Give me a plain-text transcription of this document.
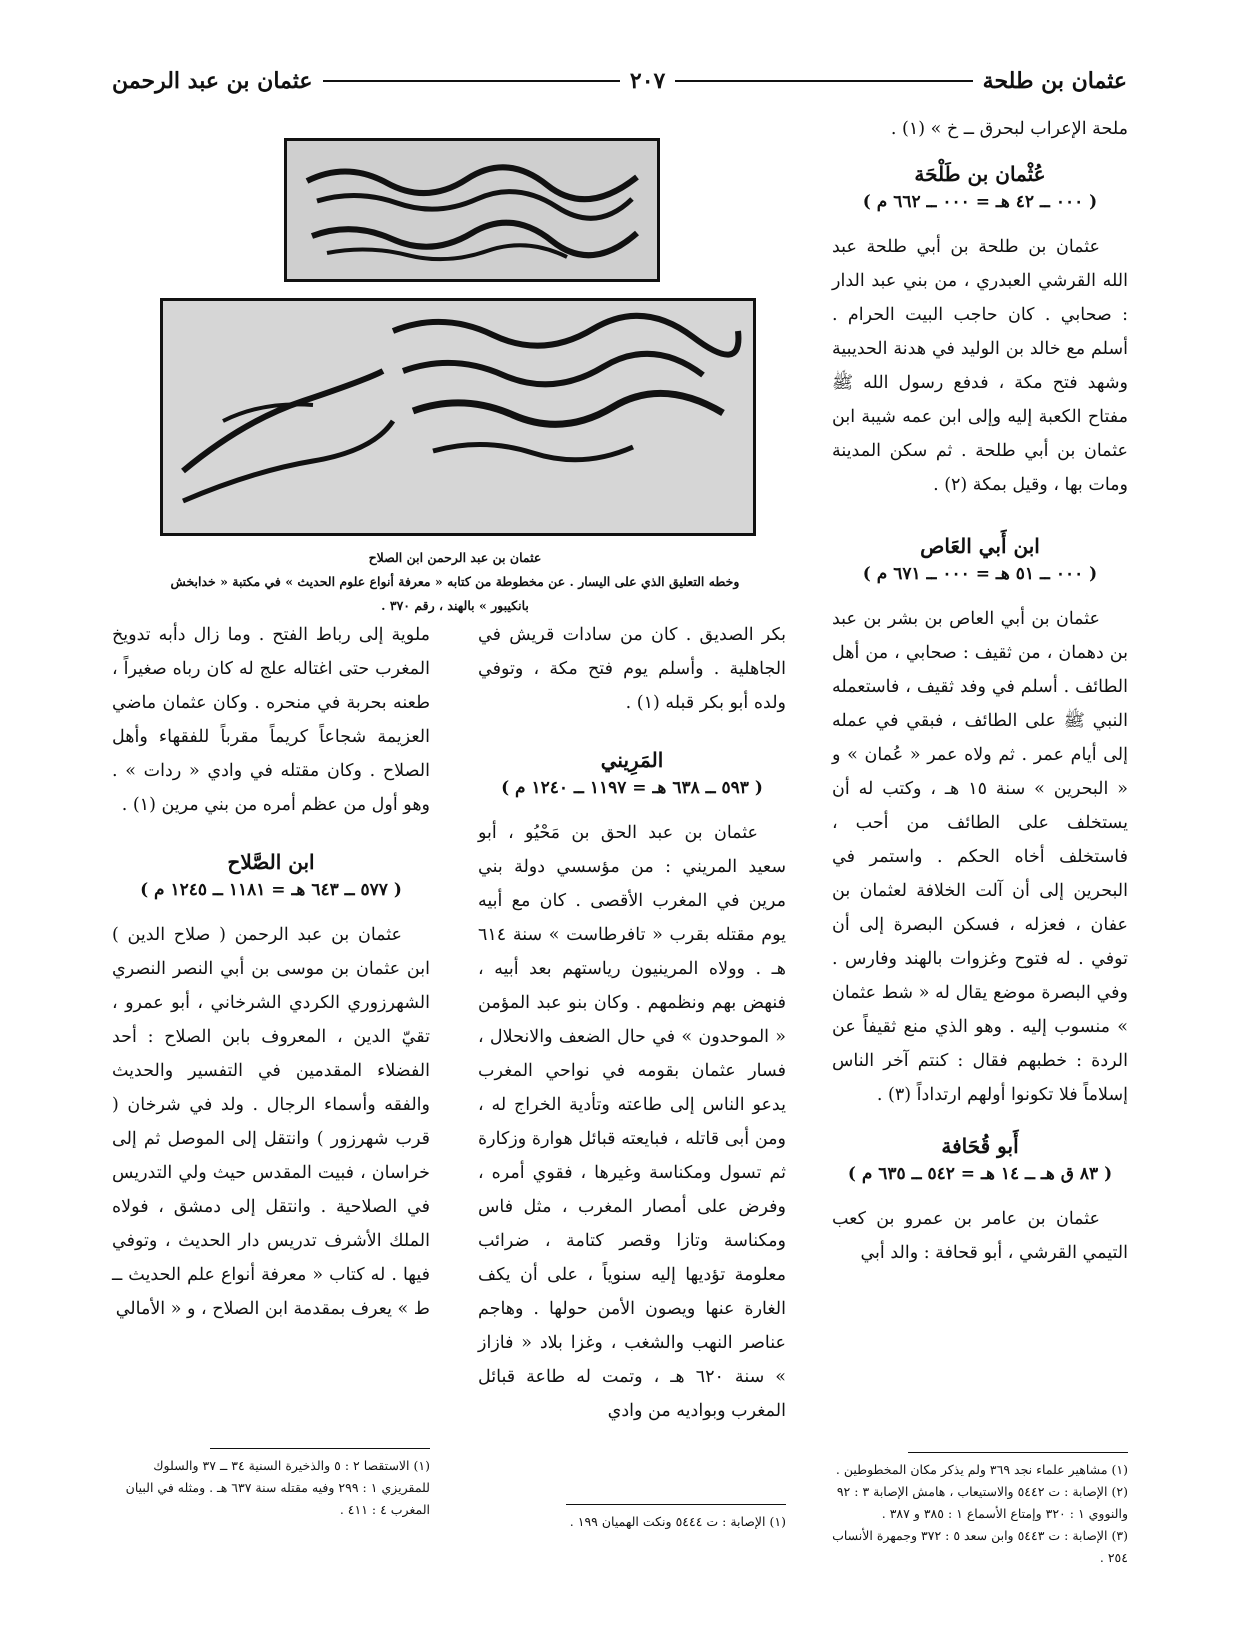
عثمان بن طلحة
٢٠٧
عثمان بن عبد الرحمن

ملحة الإعراب لبحرق ــ خ » (١) .

عُثْمان بن طَلْحَة
( ٠٠٠ ــ ٤٢ هـ = ٠٠٠ ــ ٦٦٢ م )

عثمان بن طلحة بن أبي طلحة عبد الله القرشي العبدري ، من بني عبد الدار : صحابي . كان حاجب البيت الحرام . أسلم مع خالد بن الوليد في هدنة الحديبية وشهد فتح مكة ، فدفع رسول الله ﷺ مفتاح الكعبة إليه وإلى ابن عمه شيبة ابن عثمان بن أبي طلحة . ثم سكن المدينة ومات بها ، وقيل بمكة (٢) .

ابن أَبي العَاص
( ٠٠٠ ــ ٥١ هـ = ٠٠٠ ــ ٦٧١ م )

عثمان بن أبي العاص بن بشر بن عبد بن دهمان ، من ثقيف : صحابي ، من أهل الطائف . أسلم في وفد ثقيف ، فاستعمله النبي ﷺ على الطائف ، فبقي في عمله إلى أيام عمر . ثم ولاه عمر « عُمان » و « البحرين » سنة ١٥ هـ ، وكتب له أن يستخلف على الطائف من أحب ، فاستخلف أخاه الحكم . واستمر في البحرين إلى أن آلت الخلافة لعثمان بن عفان ، فعزله ، فسكن البصرة إلى أن توفي . له فتوح وغزوات بالهند وفارس . وفي البصرة موضع يقال له « شط عثمان » منسوب إليه . وهو الذي منع ثقيفاً عن الردة : خطبهم فقال : كنتم آخر الناس إسلاماً فلا تكونوا أولهم ارتداداً (٣) .

أَبو قُحَافة
( ٨٣ ق هـ ــ ١٤ هـ = ٥٤٢ ــ ٦٣٥ م )

عثمان بن عامر بن عمرو بن كعب التيمي القرشي ، أبو قحافة : والد أبي

(١) مشاهير علماء نجد ٣٦٩ ولم يذكر مكان المخطوطين .
(٢) الإصابة : ت ٥٤٤٢ والاستيعاب ، هامش الإصابة ٣ : ٩٢ والنووي ١ : ٣٢٠ وإمتاع الأسماع ١ : ٣٨٥ و ٣٨٧ .
(٣) الإصابة : ت ٥٤٤٣ وابن سعد ٥ : ٣٧٢ وجمهرة الأنساب ٢٥٤ .
عثمان بن عبد الرحمن ابن الصلاح
وخطه التعليق الذي على اليسار . عن مخطوطة من كتابه « معرفة أنواع علوم الحديث » في مكتبة « خدابخش بانكيبور » بالهند ، رقم ٣٧٠ .

بكر الصديق . كان من سادات قريش في الجاهلية . وأسلم يوم فتح مكة ، وتوفي ولده أبو بكر قبله (١) .

المَرِيني
( ٥٩٣ ــ ٦٣٨ هـ = ١١٩٧ ــ ١٢٤٠ م )

عثمان بن عبد الحق بن مَحْيُو ، أبو سعيد المريني : من مؤسسي دولة بني مرين في المغرب الأقصى . كان مع أبيه يوم مقتله بقرب « تافرطاست » سنة ٦١٤ هـ . وولاه المرينيون رياستهم بعد أبيه ، فنهض بهم ونظمهم . وكان بنو عبد المؤمن « الموحدون » في حال الضعف والانحلال ، فسار عثمان بقومه في نواحي المغرب يدعو الناس إلى طاعته وتأدية الخراج له ، ومن أبى قاتله ، فبايعته قبائل هوارة وزكارة ثم تسول ومكناسة وغيرها ، فقوي أمره ، وفرض على أمصار المغرب ، مثل فاس ومكناسة وتازا وقصر كتامة ، ضرائب معلومة تؤديها إليه سنوياً ، على أن يكف الغارة عنها ويصون الأمن حولها . وهاجم عناصر النهب والشغب ، وغزا بلاد « فازاز » سنة ٦٢٠ هـ ، وتمت له طاعة قبائل المغرب وبواديه من وادي

(١) الإصابة : ت ٥٤٤٤ ونكت الهميان ١٩٩ .

ملوية إلى رباط الفتح . وما زال دأبه تدويخ المغرب حتى اغتاله علج له كان رباه صغيراً ، طعنه بحربة في منحره . وكان عثمان ماضي العزيمة شجاعاً كريماً مقرباً للفقهاء وأهل الصلاح . وكان مقتله في وادي « ردات » . وهو أول من عظم أمره من بني مرين (١) .

ابن الصَّلاح
( ٥٧٧ ــ ٦٤٣ هـ = ١١٨١ ــ ١٢٤٥ م )

عثمان بن عبد الرحمن ( صلاح الدين ) ابن عثمان بن موسى بن أبي النصر النصري الشهرزوري الكردي الشرخاني ، أبو عمرو ، تقيّ الدين ، المعروف بابن الصلاح : أحد الفضلاء المقدمين في التفسير والحديث والفقه وأسماء الرجال . ولد في شرخان ( قرب شهرزور ) وانتقل إلى الموصل ثم إلى خراسان ، فبيت المقدس حيث ولي التدريس في الصلاحية . وانتقل إلى دمشق ، فولاه الملك الأشرف تدريس دار الحديث ، وتوفي فيها . له كتاب « معرفة أنواع علم الحديث ــ ط » يعرف بمقدمة ابن الصلاح ، و « الأمالي

(١) الاستقصا ٢ : ٥ والذخيرة السنية ٣٤ ــ ٣٧ والسلوك للمقريزي ١ : ٢٩٩ وفيه مقتله سنة ٦٣٧ هـ . ومثله في البيان المغرب ٤ : ٤١١ .
